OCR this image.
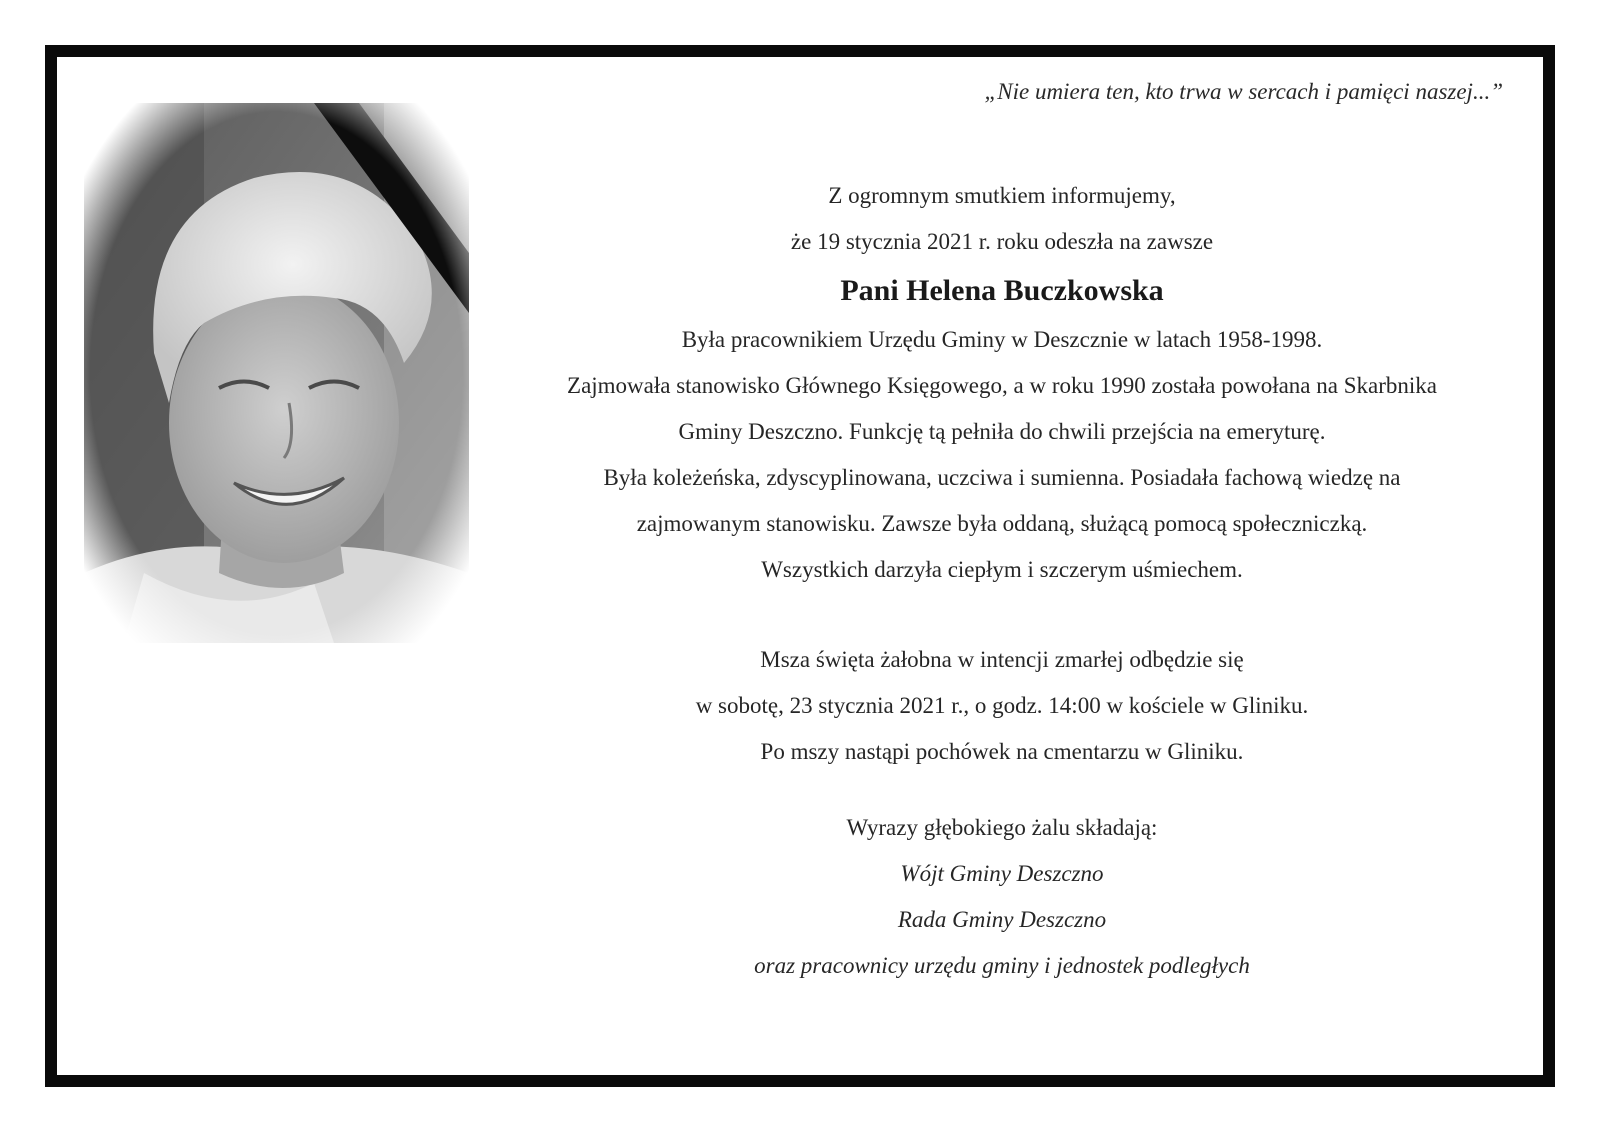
„Nie umiera ten, kto trwa w sercach i pamięci naszej...”
Z ogromnym smutkiem informujemy,
że 19 stycznia 2021 r. roku odeszła na zawsze
Pani Helena Buczkowska
Była pracownikiem Urzędu Gminy w Deszcznie w latach 1958-1998.
Zajmowała stanowisko Głównego Księgowego, a w roku 1990 została powołana na Skarbnika
Gminy Deszczno. Funkcję tą pełniła do chwili przejścia na emeryturę.
Była koleżeńska, zdyscyplinowana, uczciwa i sumienna. Posiadała fachową wiedzę na
zajmowanym stanowisku. Zawsze była oddaną, służącą pomocą społeczniczką.
Wszystkich darzyła ciepłym i szczerym uśmiechem.
Msza święta żałobna w intencji zmarłej odbędzie się
w sobotę, 23 stycznia 2021 r., o godz. 14:00 w kościele w Gliniku.
Po mszy nastąpi pochówek na cmentarzu w Gliniku.
Wyrazy głębokiego żalu składają:
Wójt Gminy Deszczno
Rada Gminy Deszczno
oraz pracownicy urzędu gminy i jednostek podległych
